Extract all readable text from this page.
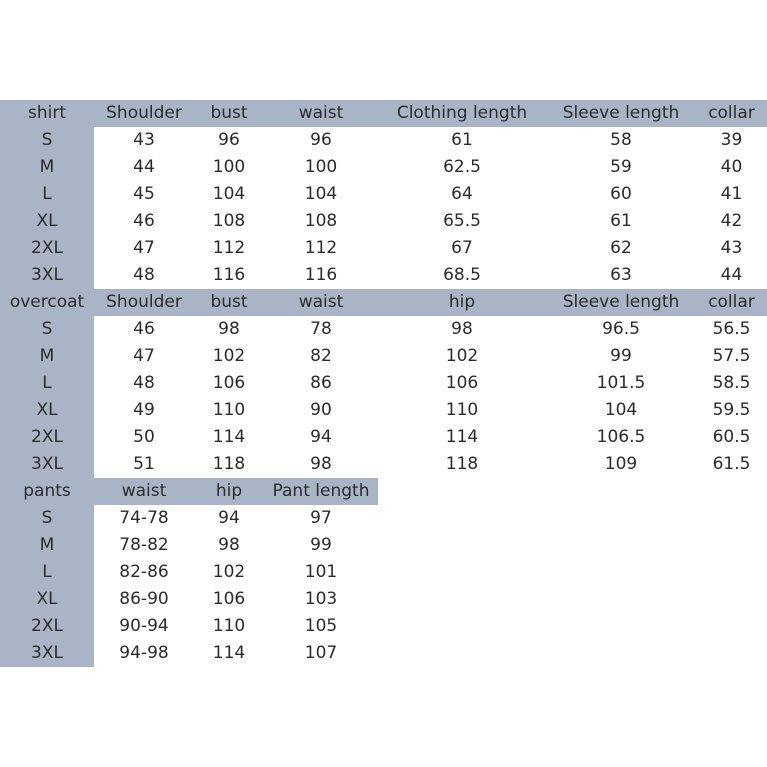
shirt	Shoulder	bust	waist	Clothing length	Sleeve length	collar
S	43	96	96	61	58	39
M	44	100	100	62.5	59	40
L	45	104	104	64	60	41
XL	46	108	108	65.5	61	42
2XL	47	112	112	67	62	43
3XL	48	116	116	68.5	63	44
overcoat	Shoulder	bust	waist	hip	Sleeve length	collar
S	46	98	78	98	96.5	56.5
M	47	102	82	102	99	57.5
L	48	106	86	106	101.5	58.5
XL	49	110	90	110	104	59.5
2XL	50	114	94	114	106.5	60.5
3XL	51	118	98	118	109	61.5
pants	waist	hip	Pant length
S	74-78	94	97
M	78-82	98	99
L	82-86	102	101
XL	86-90	106	103
2XL	90-94	110	105
3XL	94-98	114	107
